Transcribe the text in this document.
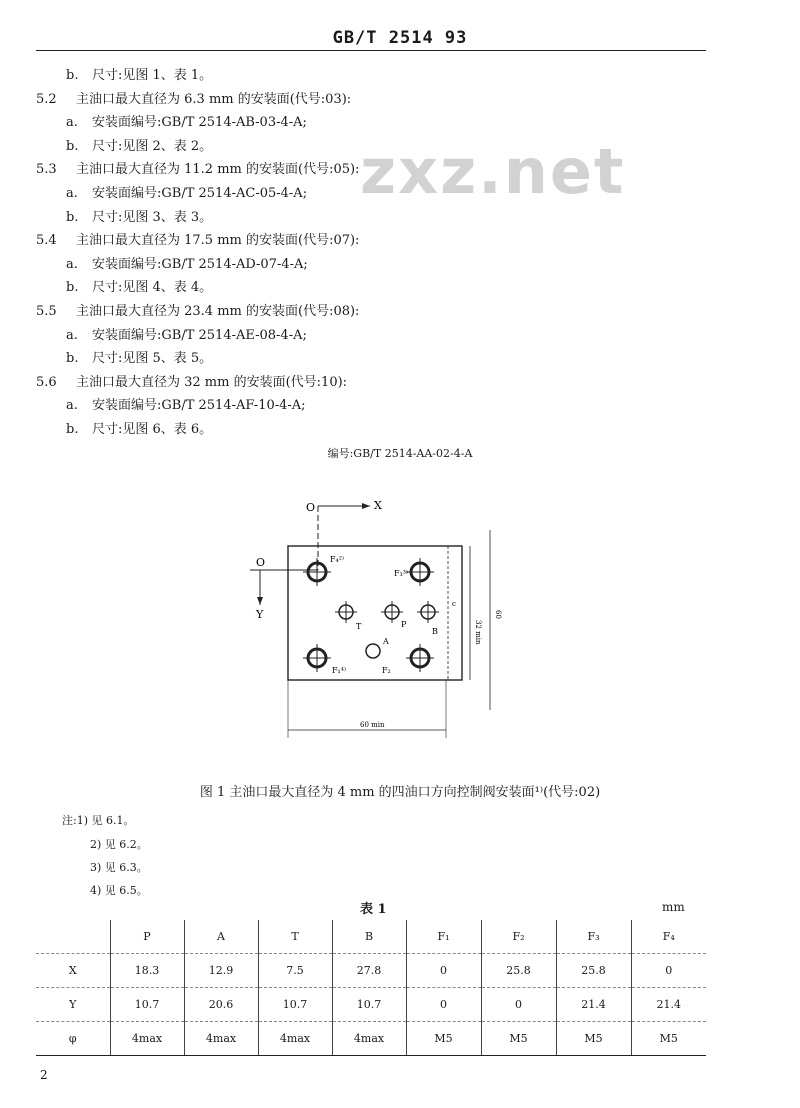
GB/T 2514 93
zxz.net
b. 尺寸:见图 1、表 1。
5.2 主油口最大直径为 6.3 mm 的安装面(代号:03):
a. 安装面编号:GB/T 2514-AB-03-4-A;
b. 尺寸:见图 2、表 2。
5.3 主油口最大直径为 11.2 mm 的安装面(代号:05):
a. 安装面编号:GB/T 2514-AC-05-4-A;
b. 尺寸:见图 3、表 3。
5.4 主油口最大直径为 17.5 mm 的安装面(代号:07):
a. 安装面编号:GB/T 2514-AD-07-4-A;
b. 尺寸:见图 4、表 4。
5.5 主油口最大直径为 23.4 mm 的安装面(代号:08):
a. 安装面编号:GB/T 2514-AE-08-4-A;
b. 尺寸:见图 5、表 5。
5.6 主油口最大直径为 32 mm 的安装面(代号:10):
a. 安装面编号:GB/T 2514-AF-10-4-A;
b. 尺寸:见图 6、表 6。
编号:GB/T 2514-AA-02-4-A
O	X
O
Y
32 min
60
60 min
c
F₁⁴⁾	F₂
F₃³⁾
F₄²⁾
T	P
B
A
图 1 主油口最大直径为 4 mm 的四油口方向控制阀安装面¹⁾(代号:02)
注:1) 见 6.1。
2) 见 6.2。
3) 见 6.3。
4) 见 6.5。
表 1	mm
	P	A	T	B	F₁	F₂	F₃	F₄
X	18.3	12.9	7.5	27.8	0	25.8	25.8	0
Y	10.7	20.6	10.7	10.7	0	0	21.4	21.4
φ	4max	4max	4max	4max	M5	M5	M5	M5
2
